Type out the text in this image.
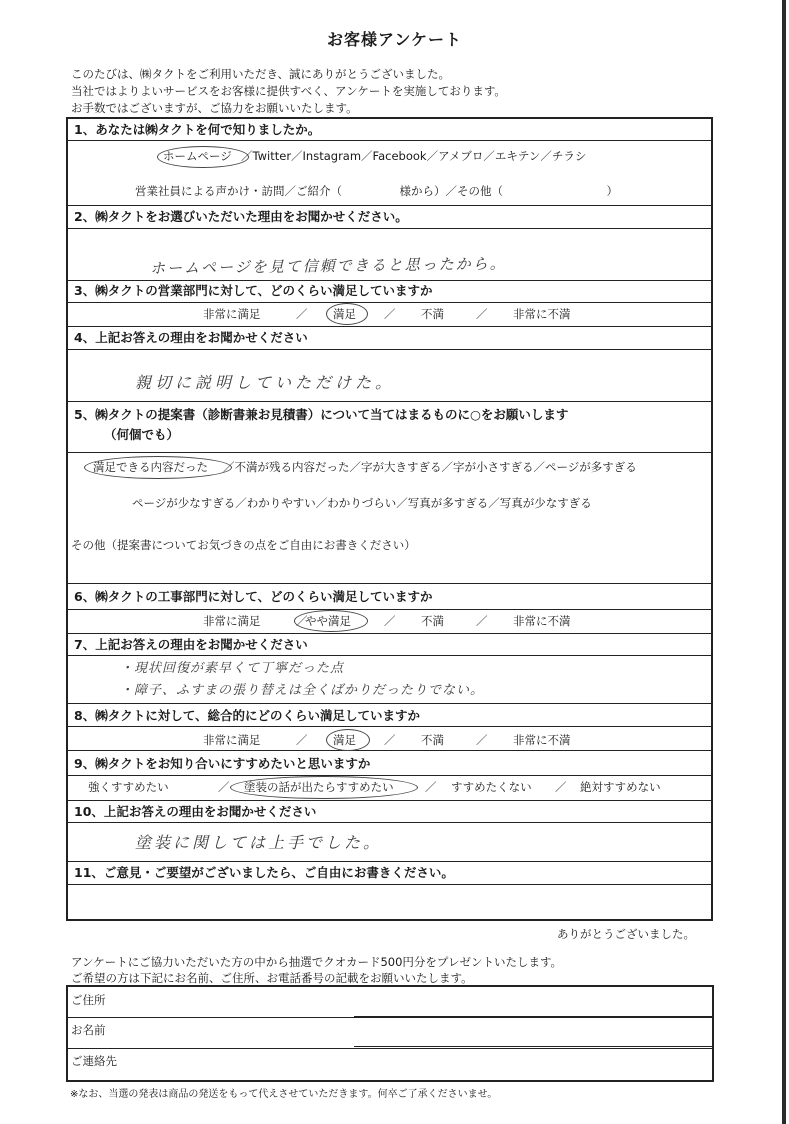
お客様アンケート
このたびは、㈱タクトをご利用いただき、誠にありがとうございました。
当社ではよりよいサービスをお客様に提供すべく、アンケートを実施しております。
お手数ではございますが、ご協力をお願いいたします。
1、あなたは㈱タクトを何で知りましたか。
ホームページ ／Twitter／Instagram／Facebook／アメブロ／エキテン／チラシ
営業社員による声かけ・訪問／ご紹介（　　　　　様から）／その他（　　　　　　　　　）
2、㈱タクトをお選びいただいた理由をお聞かせください。
ホームページを見て信頼できると思ったから。
3、㈱タクトの営業部門に対して、どのくらい満足していますか
非常に満足	／ 満足 ／ 不満	／ 非常に不満
4、上記お答えの理由をお聞かせください
親切に説明していただけた。
5、㈱タクトの提案書（診断書兼お見積書）について当てはまるものに○をお願いします
（何個でも）
満足できる内容だった ／不満が残る内容だった／字が大きすぎる／字が小さすぎる／ページが多すぎる
ページが少なすぎる／わかりやすい／わかりづらい／写真が多すぎる／写真が少なすぎる
その他（提案書についてお気づきの点をご自由にお書きください）
6、㈱タクトの工事部門に対して、どのくらい満足していますか
非常に満足	／
やや満足	／ 不満	／ 非常に不満
7、上記お答えの理由をお聞かせください
・現状回復が素早くて丁寧だった点
・障子、ふすまの張り替えは全くばかりだったりでない。
8、㈱タクトに対して、総合的にどのくらい満足していますか
非常に満足	／ 満足 ／ 不満	／ 非常に不満
9、㈱タクトをお知り合いにすすめたいと思いますか
強くすすめたい	／ 塗装の話が出たらすすめたい	／ すすめたくない ／ 絶対すすめない
10、上記お答えの理由をお聞かせください
塗装に関しては上手でした。
11、ご意見・ご要望がございましたら、ご自由にお書きください。
ありがとうございました。
アンケートにご協力いただいた方の中から抽選でクオカード500円分をプレゼントいたします。
ご希望の方は下記にお名前、ご住所、お電話番号の記載をお願いいたします。
ご住所
お名前
ご連絡先
※なお、当選の発表は商品の発送をもって代えさせていただきます。何卒ご了承くださいませ。
